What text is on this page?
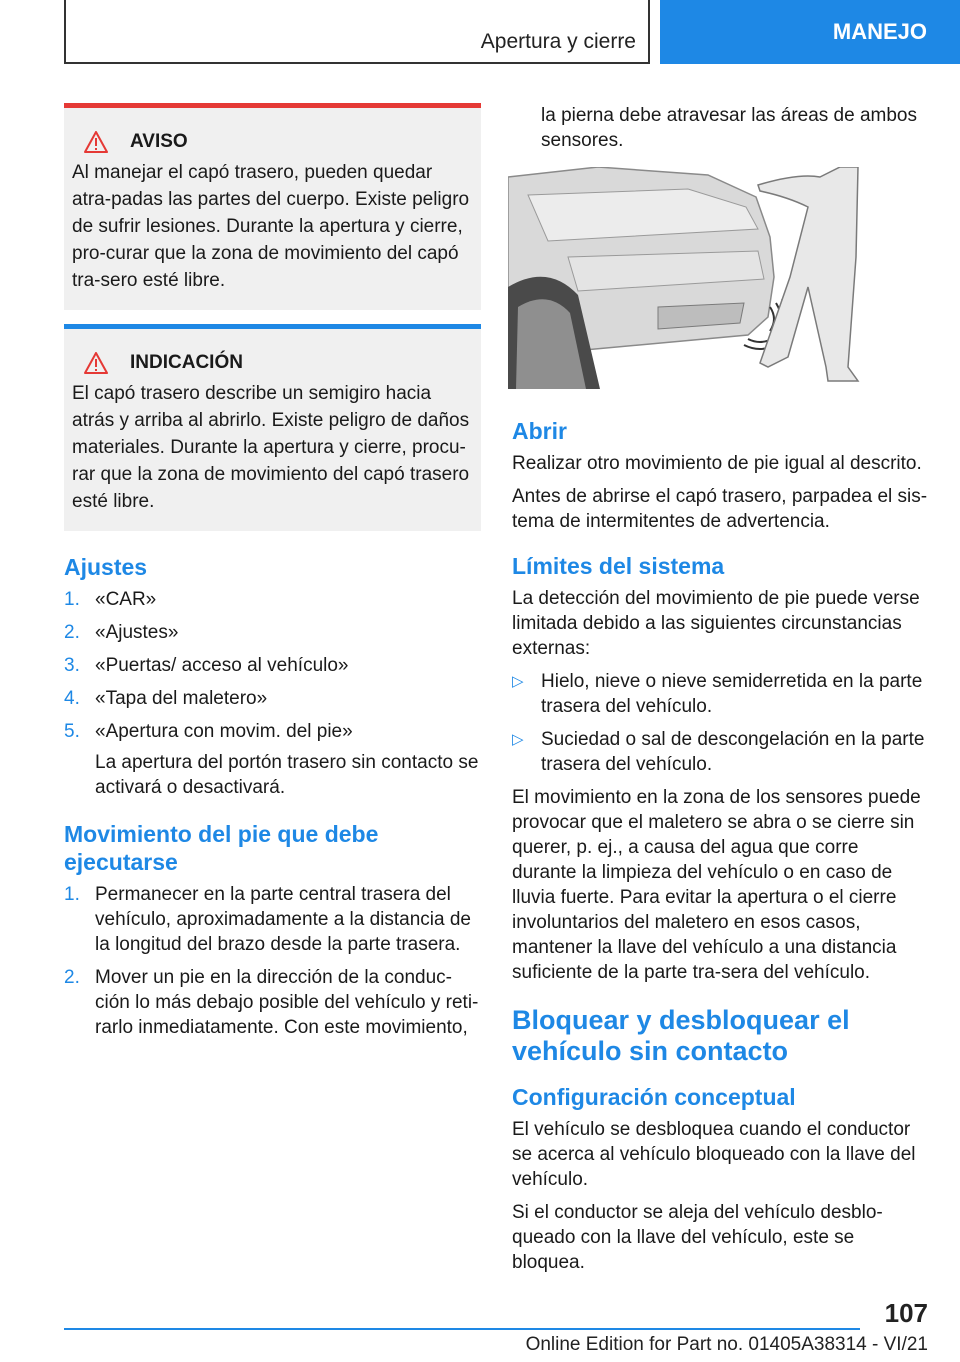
Apertura y cierre	MANEJO
AVISO
Al manejar el capó trasero, pueden quedar atra‐padas las partes del cuerpo. Existe peligro de sufrir lesiones. Durante la apertura y cierre, pro‐curar que la zona de movimiento del capó tra‐sero esté libre.
INDICACIÓN
El capó trasero describe un semigiro hacia atrás y arriba al abrirlo. Existe peligro de daños materiales. Durante la apertura y cierre, procu‐rar que la zona de movimiento del capó trasero esté libre.
Ajustes
1. «CAR»
2. «Ajustes»
3. «Puertas/ acceso al vehículo»
4. «Tapa del maletero»
5. «Apertura con movim. del pie»
La apertura del portón trasero sin contacto se activará o desactivará.
Movimiento del pie que debe ejecutarse
1. Permanecer en la parte central trasera del vehículo, aproximadamente a la distancia de la longitud del brazo desde la parte trasera.
2. Mover un pie en la dirección de la conduc‐ción lo más debajo posible del vehículo y reti‐rarlo inmediatamente. Con este movimiento,

la pierna debe atravesar las áreas de ambos sensores.

Abrir

Realizar otro movimiento de pie igual al descrito.

Antes de abrirse el capó trasero, parpadea el sis‐tema de intermitentes de advertencia.

Límites del sistema

La detección del movimiento de pie puede verse limitada debido a las siguientes circunstancias externas:

▷ Hielo, nieve o nieve semiderretida en la parte trasera del vehículo.
▷ Suciedad o sal de descongelación en la parte trasera del vehículo.

El movimiento en la zona de los sensores puede provocar que el maletero se abra o se cierre sin querer, p. ej., a causa del agua que corre durante la limpieza del vehículo o en caso de lluvia fuerte. Para evitar la apertura o el cierre involuntarios del maletero en esos casos, mantener la llave del vehículo a una distancia suficiente de la parte tra‐sera del vehículo.

Bloquear y desbloquear el vehículo sin contacto
Configuración conceptual

El vehículo se desbloquea cuando el conductor se acerca al vehículo bloqueado con la llave del vehículo.

Si el conductor se aleja del vehículo desblo‐queado con la llave del vehículo, este se bloquea.

107
Online Edition for Part no. 01405A38314 - VI/21
